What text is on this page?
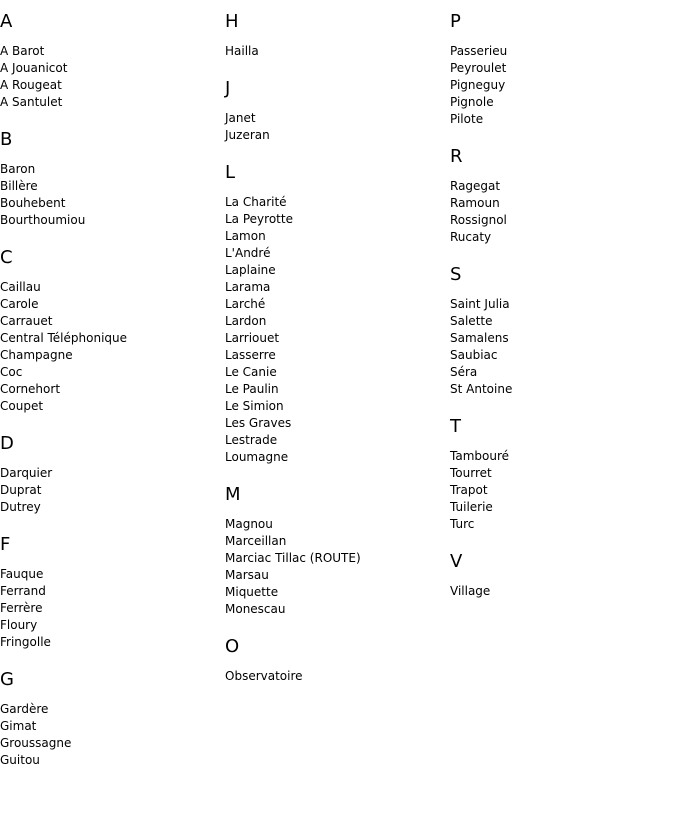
A
A Barot
A Jouanicot
A Rougeat
A Santulet
B
Baron
Billère
Bouhebent
Bourthoumiou
C
Caillau
Carole
Carrauet
Central Téléphonique
Champagne
Coc
Cornehort
Coupet
D
Darquier
Duprat
Dutrey
F
Fauque
Ferrand
Ferrère
Floury
Fringolle
G
Gardère
Gimat
Groussagne
Guitou
H
Hailla
J
Janet
Juzeran
L
La Charité
La Peyrotte
Lamon
L'André
Laplaine
Larama
Larché
Lardon
Larriouet
Lasserre
Le Canie
Le Paulin
Le Simion
Les Graves
Lestrade
Loumagne
M
Magnou
Marceillan
Marciac Tillac (ROUTE)
Marsau
Miquette
Monescau
O
Observatoire
P
Passerieu
Peyroulet
Pigneguy
Pignole
Pilote
R
Ragegat
Ramoun
Rossignol
Rucaty
S
Saint Julia
Salette
Samalens
Saubiac
Séra
St Antoine
T
Tambouré
Tourret
Trapot
Tuilerie
Turc
V
Village
